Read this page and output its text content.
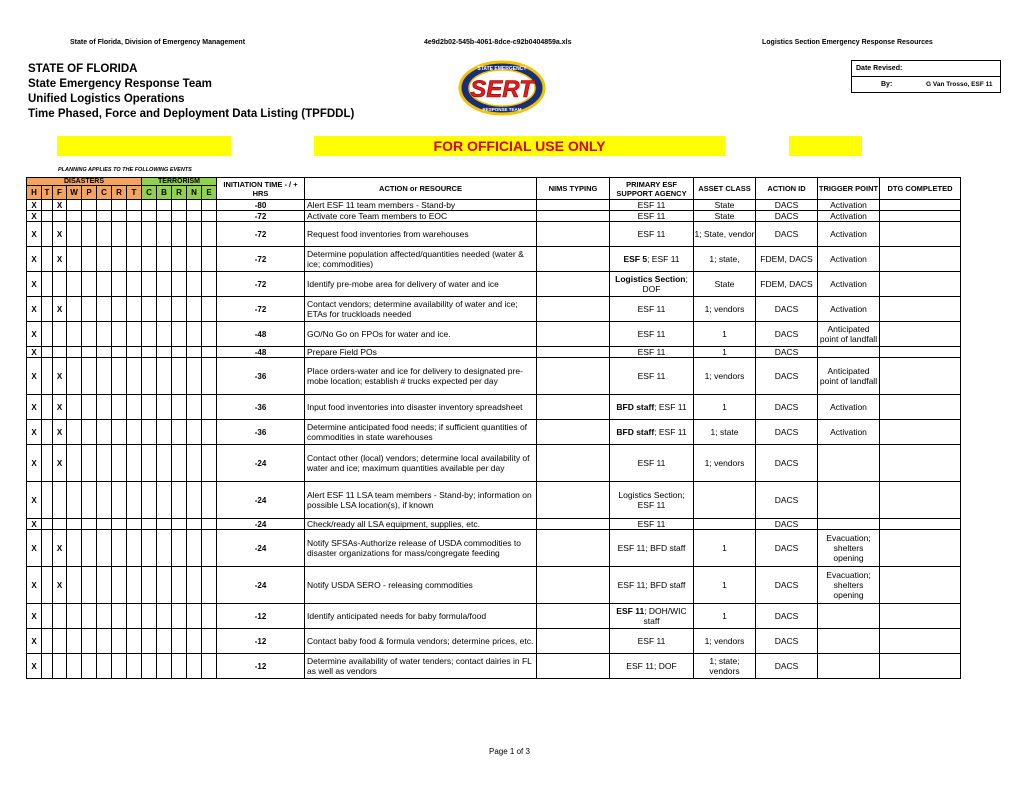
State of Florida, Division of Emergency Management	4e9d2b02-545b-4061-8dce-c92b0404859a.xls	Logistics Section Emergency Response Resources
STATE OF FLORIDA
State Emergency Response Team
Unified Logistics Operations
Time Phased, Force and Deployment Data Listing (TPFDDL)
SERT
STATE EMERGENCY
RESPONSE TEAM
Date Revised:
By:	G Van Trosso, ESF 11
FOR OFFICIAL USE ONLY
PLANNING APPLIES TO THE FOLLOWING EVENTS
DISASTERS								TERRORISM					INITIATION TIME - / + HRS	ACTION or RESOURCE	NIMS TYPING	PRIMARY ESF SUPPORT AGENCY	ASSET CLASS	ACTION ID	TRIGGER POINT	DTG COMPLETED
H	T	F	W	P	C	R	T	C	B	R	N	E								
X		X											-80	Alert ESF 11 team members - Stand-by		ESF 11	State	DACS	Activation	
X													-72	Activate core Team members to EOC		ESF 11	State	DACS	Activation	
X		X											-72	Request food inventories from warehouses		ESF 11	1; State, vendor	DACS	Activation	
X		X											-72	Determine population affected/quantities needed (water & ice; commodities)		ESF 5; ESF 11	1; state,	FDEM, DACS	Activation	
X													-72	Identify pre-mobe area for delivery of water and ice		Logistics Section; DOF	State	FDEM, DACS	Activation	
X		X											-72	Contact vendors; determine availability of water and ice; ETAs for truckloads needed		ESF 11	1; vendors	DACS	Activation	
X													-48	GO/No Go on FPOs for water and ice.		ESF 11	1	DACS	Anticipated point of landfall	
X													-48	Prepare Field POs		ESF 11	1	DACS		
X		X											-36	Place orders-water and ice for delivery to designated pre-mobe location; establish # trucks expected per day		ESF 11	1; vendors	DACS	Anticipated point of landfall	
X		X											-36	Input food inventories into disaster inventory spreadsheet		BFD staff; ESF 11	1	DACS	Activation	
X		X											-36	Determine anticipated food needs; if sufficient quantities of commodities in state warehouses		BFD staff; ESF 11	1; state	DACS	Activation	
X		X											-24	Contact other (local) vendors; determine local availability of water and ice; maximum quantities available per day		ESF 11	1; vendors	DACS		
X													-24	Alert ESF 11 LSA team members - Stand-by; information on possible LSA location(s), if known		Logistics Section; ESF 11		DACS		
X													-24	Check/ready all LSA equipment, supplies, etc.		ESF 11		DACS		
X		X											-24	Notify SFSAs-Authorize release of USDA commodities to disaster organizations for mass/congregate feeding		ESF 11; BFD staff	1	DACS	Evacuation; shelters opening	
X		X											-24	Notify USDA SERO - releasing commodities		ESF 11; BFD staff	1	DACS	Evacuation; shelters opening	
X													-12	Identify anticipated needs for baby formula/food		ESF 11; DOH/WIC staff	1	DACS		
X													-12	Contact baby food & formula vendors; determine prices, etc.		ESF 11	1; vendors	DACS		
X													-12	Determine availability of water tenders; contact dairies in FL as well as vendors		ESF 11; DOF	1; state; vendors	DACS		
Page 1 of 3
